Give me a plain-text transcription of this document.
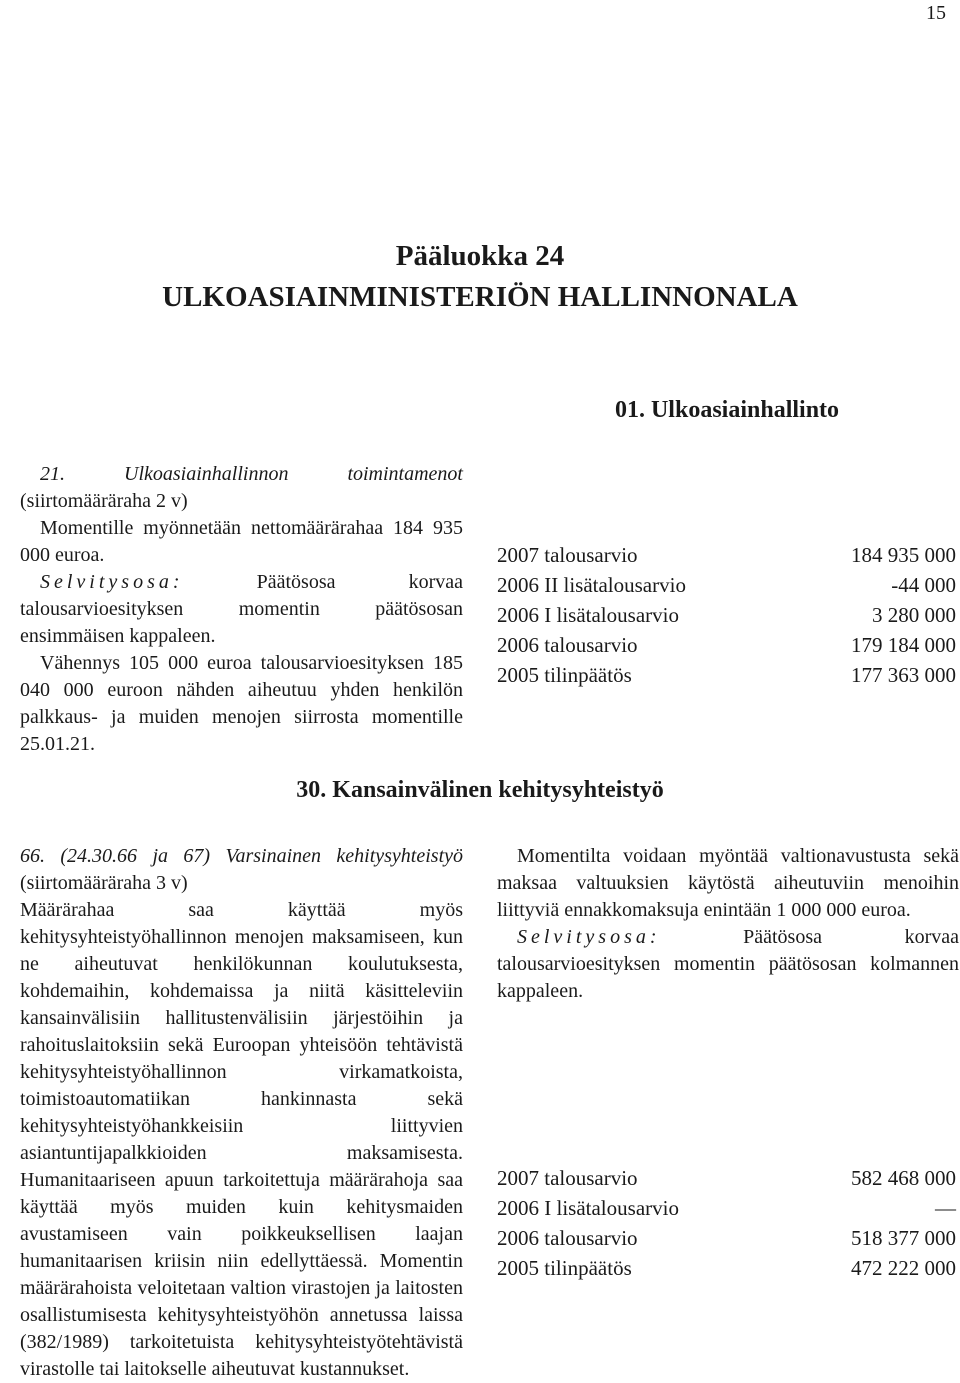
15
Pääluokka 24
ULKOASIAINMINISTERIÖN HALLINNONALA
01. Ulkoasiainhallinto

21. Ulkoasiainhallinnon toimintamenot (siirtomääräraha 2 v)

Momentille myönnetään nettomäärärahaa 184 935 000 euroa.

Selvitysosa:	Päätösosa korvaa talousarvioesityksen momentin päätösosan ensimmäisen kappaleen.

Vähennys 105 000 euroa talousarvioesityksen 185 040 000 euroon nähden aiheutuu yhden henkilön palkkaus- ja muiden menojen siirrosta momentille 25.01.21.

2007 talousarvio	184 935 000
2006 II lisätalousarvio	-44 000
2006 I lisätalousarvio	3 280 000
2006 talousarvio	179 184 000
2005 tilinpäätös	177 363 000
30. Kansainvälinen kehitysyhteistyö

66. (24.30.66 ja 67) Varsinainen kehitysyhteistyö (siirtomääräraha 3 v)

Määrärahaa saa käyttää myös kehitysyhteistyöhallinnon menojen maksamiseen, kun ne aiheutuvat henkilökunnan koulutuksesta, kohdemaihin, kohdemaissa ja niitä käsitteleviin kansainvälisiin hallitustenvälisiin järjestöihin ja rahoituslaitoksiin sekä Euroopan yhteisöön tehtävistä kehitysyhteistyöhallinnon virkamatkoista, toimistoautomatiikan hankinnasta sekä kehitysyhteistyöhankkeisiin liittyvien asiantuntijapalkkioiden maksamisesta. Humanitaariseen apuun tarkoitettuja määrärahoja saa käyttää myös muiden kuin kehitysmaiden avustamiseen vain poikkeuksellisen laajan humanitaarisen kriisin niin edellyttäessä. Momentin määrärahoista veloitetaan valtion virastojen ja laitosten osallistumisesta kehitysyhteistyöhön annetussa laissa (382/1989) tarkoitetuista kehitysyhteistyötehtävistä virastolle tai laitokselle aiheutuvat kustannukset.

Momentilta voidaan myöntää valtionavustusta sekä maksaa valtuuksien käytöstä aiheutuviin menoihin liittyviä ennakkomaksuja enintään 1 000 000 euroa.

Selvitysosa:	Päätösosa korvaa talousarvioesityksen momentin päätösosan kolmannen kappaleen.

2007 talousarvio	582 468 000
2006 I lisätalousarvio	—
2006 talousarvio	518 377 000
2005 tilinpäätös	472 222 000
